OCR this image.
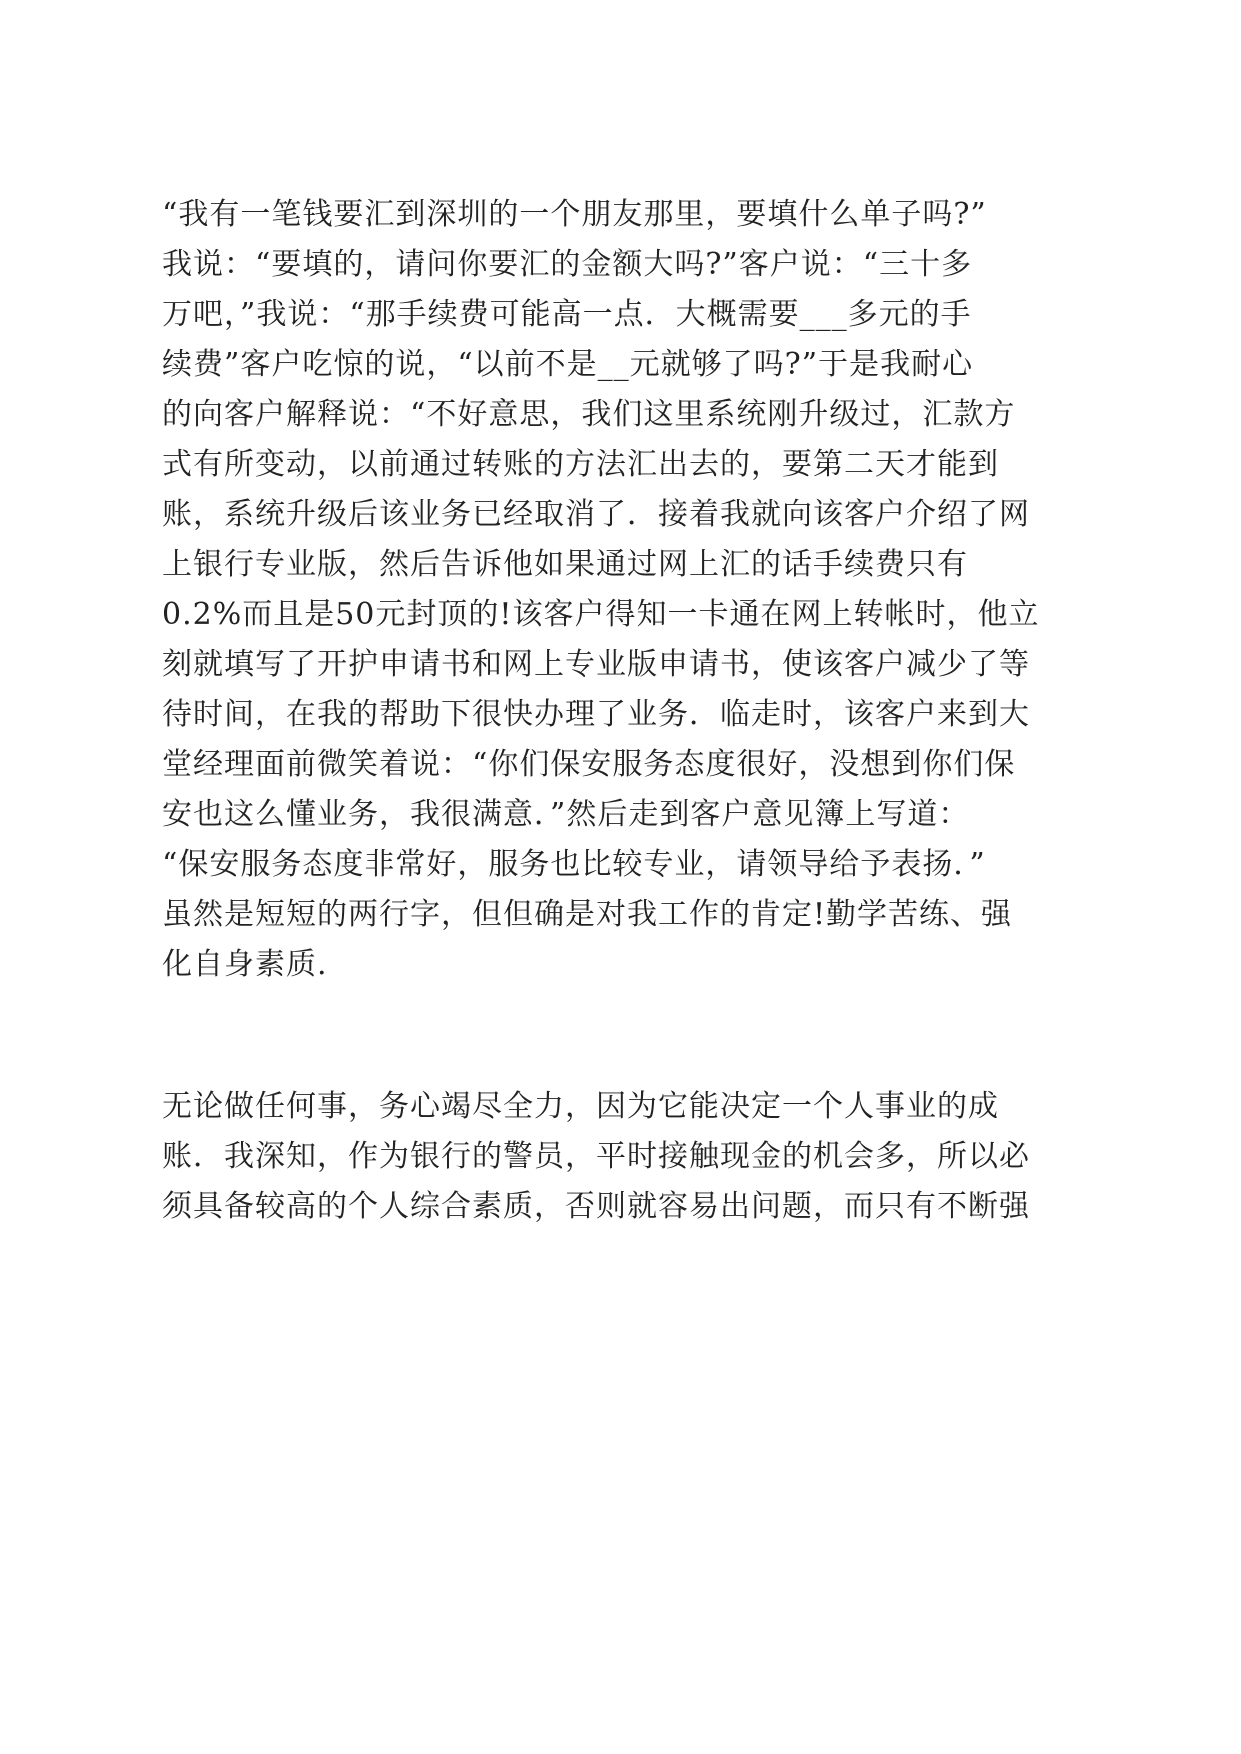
“我有一笔钱要汇到深圳的一个朋友那里，要填什么单子吗?”
我说：“要填的，请问你要汇的金额大吗?”客户说：“三十多
万吧，”我说：“那手续费可能高一点．大概需要___多元的手
续费”客户吃惊的说，“以前不是__元就够了吗?”于是我耐心
的向客户解释说：“不好意思，我们这里系统刚升级过，汇款方
式有所变动，以前通过转账的方法汇出去的，要第二天才能到
账，系统升级后该业务已经取消了．接着我就向该客户介绍了网
上银行专业版，然后告诉他如果通过网上汇的话手续费只有
0.2%而且是50元封顶的!该客户得知一卡通在网上转帐时，他立
刻就填写了开护申请书和网上专业版申请书，使该客户减少了等
待时间，在我的帮助下很快办理了业务．临走时，该客户来到大
堂经理面前微笑着说：“你们保安服务态度很好，没想到你们保
安也这么懂业务，我很满意．”然后走到客户意见簿上写道：
“保安服务态度非常好，服务也比较专业，请领导给予表扬．”
虽然是短短的两行字，但但确是对我工作的肯定!勤学苦练、强
化自身素质.
无论做任何事，务心竭尽全力，因为它能决定一个人事业的成
账．我深知，作为银行的警员，平时接触现金的机会多，所以必
须具备较高的个人综合素质，否则就容易出问题，而只有不断强
